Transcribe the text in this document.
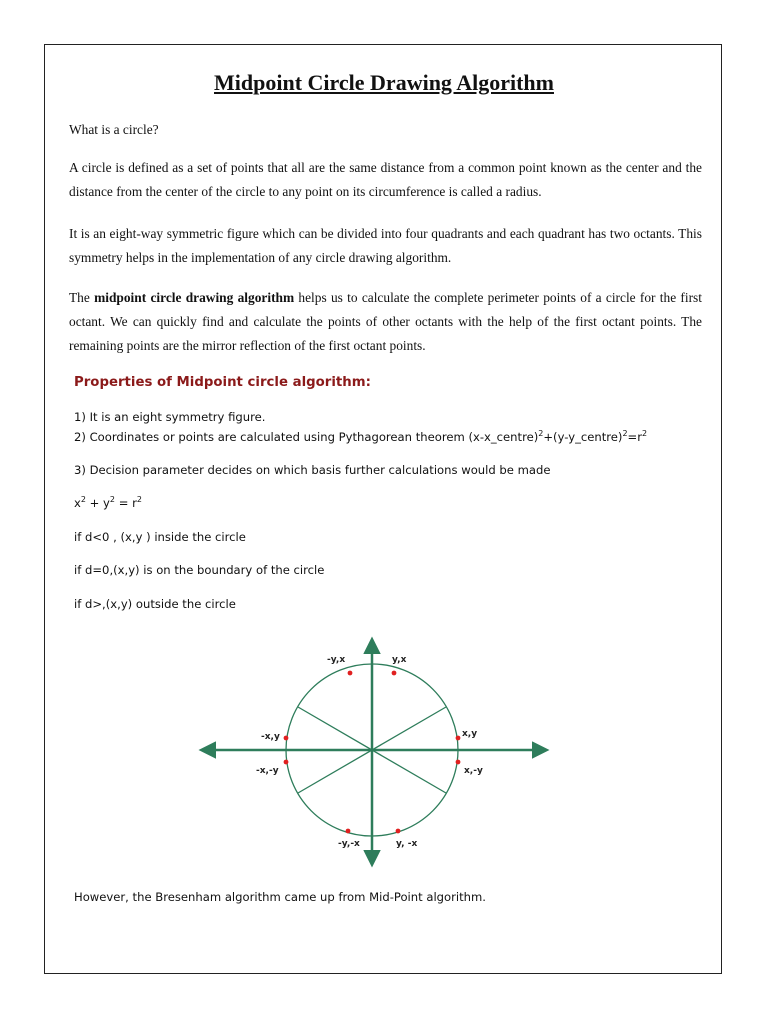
Midpoint Circle Drawing Algorithm

What is a circle?

A circle is defined as a set of points that all are the same distance from a common point known as the center and the distance from the center of the circle to any point on its circumference is called a radius.

It is an eight-way symmetric figure which can be divided into four quadrants and each quadrant has two octants. This symmetry helps in the implementation of any circle drawing algorithm.

The midpoint circle drawing algorithm helps us to calculate the complete perimeter points of a circle for the first octant. We can quickly find and calculate the points of other octants with the help of the first octant points. The remaining points are the mirror reflection of the first octant points.

Properties of Midpoint circle algorithm:

1) It is an eight symmetry figure.

2) Coordinates or points are calculated using Pythagorean theorem $(x-x\_centre)^2+(y-y\_centre)^2=r^2$

3) Decision parameter decides on which basis further calculations would be made

$x^2 + y^2 = r^2$

if d<0 , (x,y ) inside the circle

if d=0,(x,y) is on the boundary of the circle

if d>,(x,y) outside the circle

-y,x	y,x
-x,y	x,y
-x,-y	x,-y
-y,-x	y, -x

However, the Bresenham algorithm came up from Mid-Point algorithm.
